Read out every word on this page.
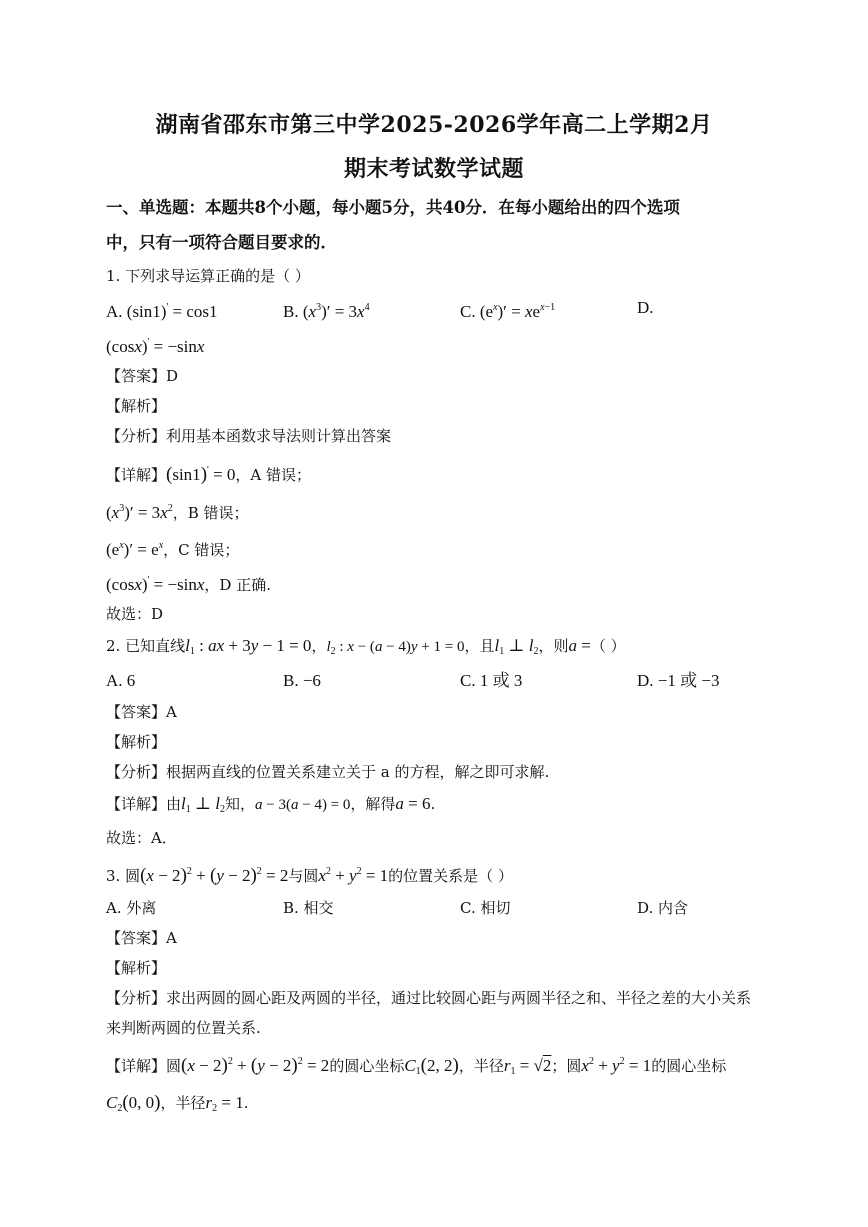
湖南省邵东市第三中学2025-2026学年高二上学期2月
期末考试数学试题
一、单选题：本题共8个小题，每小题5分，共40分．在每小题给出的四个选项
中，只有一项符合题目要求的．
1. 下列求导运算正确的是（ ）
A. (sin1)' = cos1	B. $(x^3)' = 3x^4$	C. $(e^x)' = xe^{x-1}$	D.
(cosx)' = −sinx
【答案】D
【解析】
【分析】利用基本函数求导法则计算出答案
【详解】(sin1)' = 0，A 错误；
$(x^3)' = 3x^2$，B 错误；
$(e^x)' = e^x$，C 错误；
(cosx)' = −sinx，D 正确.
故选：D
2. 已知直线$l_1$ : ax + 3y − 1 = 0，$l_2$ : x − (a − 4)y + 1 = 0，且$l_1$ ⊥ $l_2$，则a =（ ）
A. 6	B. −6	C. 1 或 3	D. −1 或 −3
【答案】A
【解析】
【分析】根据两直线的位置关系建立关于 a 的方程，解之即可求解.
【详解】由$l_1$ ⊥ $l_2$知，a − 3(a − 4) = 0，解得a = 6.
故选：A．
3. 圆$(x - 2)^2 + (y - 2)^2 = 2$与圆$x^2 + y^2 = 1$的位置关系是（ ）
A. 外离	B. 相交	C. 相切	D. 内含
【答案】A
【解析】
【分析】求出两圆的圆心距及两圆的半径，通过比较圆心距与两圆半径之和、半径之差的大小关系
来判断两圆的位置关系.
【详解】圆$(x - 2)^2 + (y - 2)^2 = 2$的圆心坐标$C_1(2$, 2)，半径$r_1 = √2$；圆$x^2 + y^2 = 1$的圆心坐标
$C_2(0$, 0)，半径$r_2 = 1$.
